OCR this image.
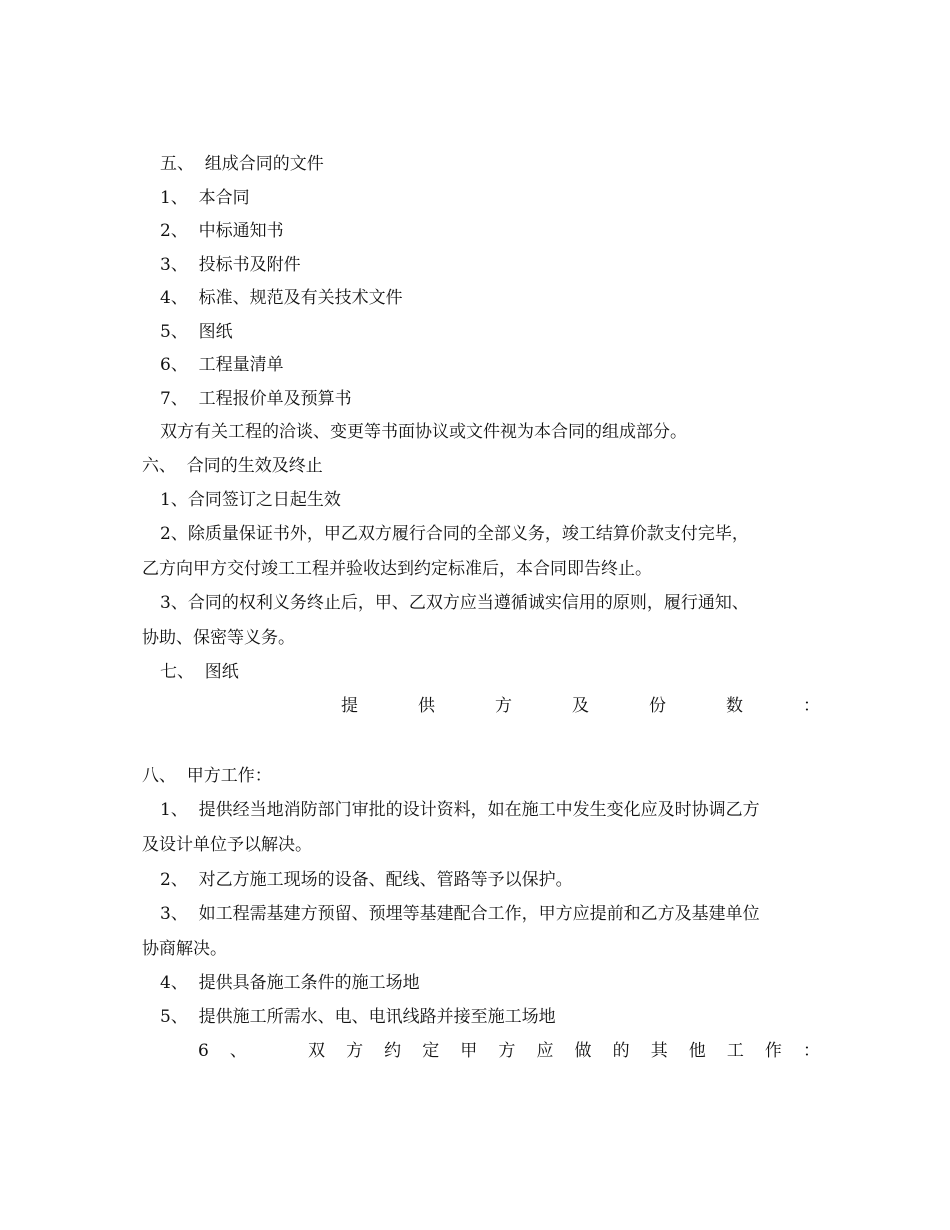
五、  组成合同的文件
1、  本合同
2、  中标通知书
3、  投标书及附件
4、  标准、规范及有关技术文件
5、  图纸
6、  工程量清单
7、  工程报价单及预算书
双方有关工程的洽谈、变更等书面协议或文件视为本合同的组成部分。
六、  合同的生效及终止
1、合同签订之日起生效
2、除质量保证书外，甲乙双方履行合同的全部义务，竣工结算价款支付完毕，
乙方向甲方交付竣工工程并验收达到约定标准后，本合同即告终止。
3、合同的权利义务终止后，甲、乙双方应当遵循诚实信用的原则，履行通知、
协助、保密等义务。
七、  图纸
提	供	方	及	份	数	：
八、  甲方工作：
1、  提供经当地消防部门审批的设计资料，如在施工中发生变化应及时协调乙方
及设计单位予以解决。
2、  对乙方施工现场的设备、配线、管路等予以保护。
3、  如工程需基建方预留、预埋等基建配合工作，甲方应提前和乙方及基建单位
协商解决。
4、  提供具备施工条件的施工场地
5、  提供施工所需水、电、电讯线路并接至施工场地
6 、	双 方 约 定 甲 方 应 做 的 其 他 工 作 ：
